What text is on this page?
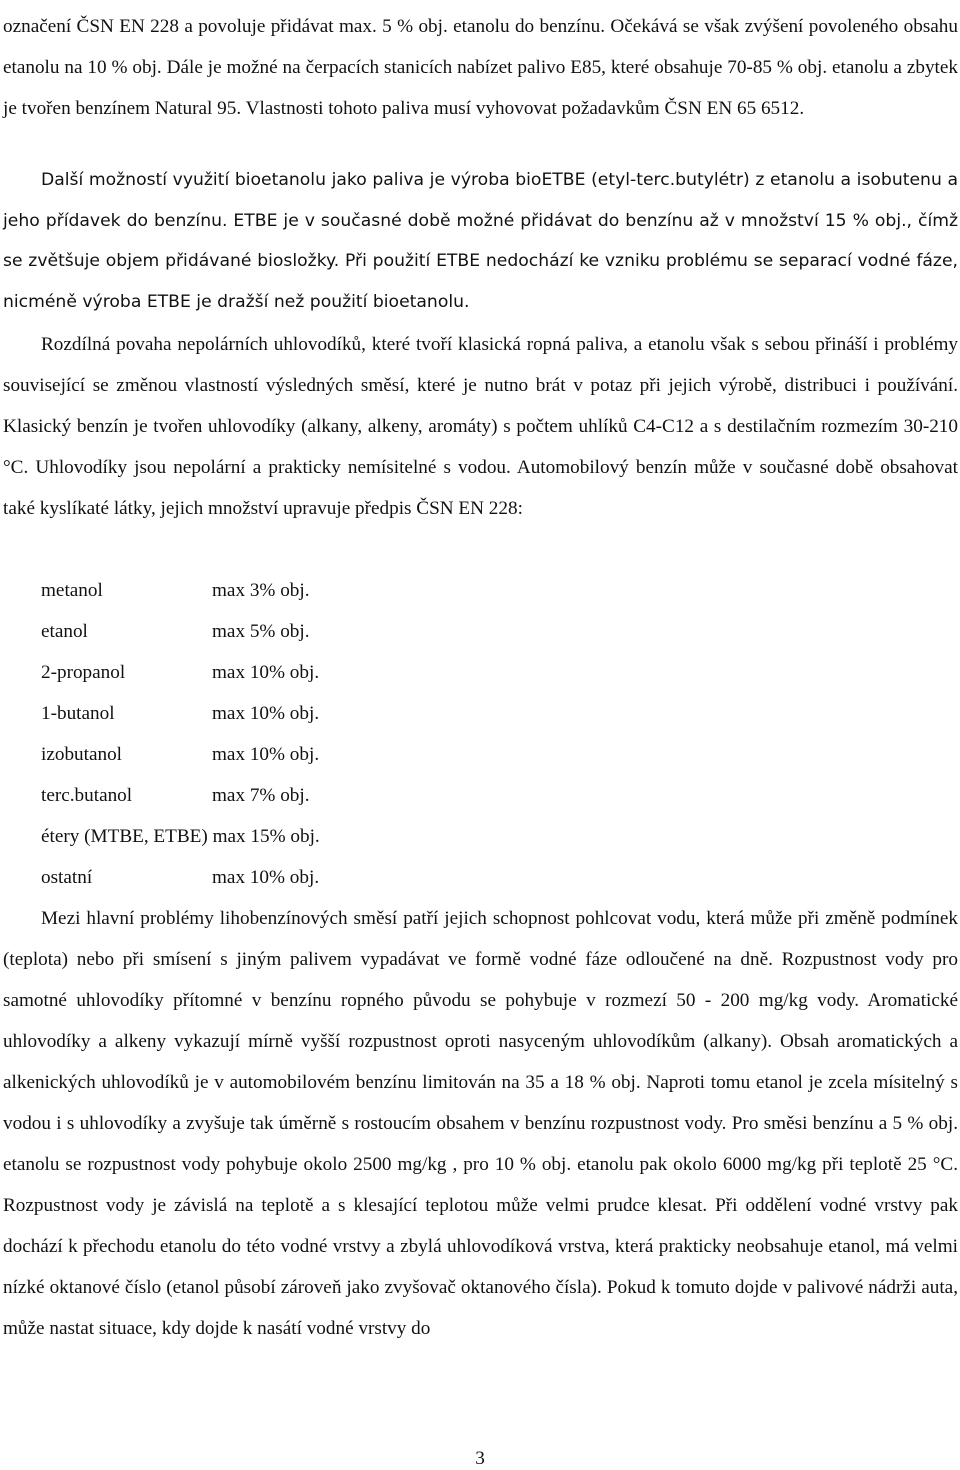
označení ČSN EN 228 a povoluje přidávat max. 5 % obj. etanolu do benzínu. Očekává se však zvýšení povoleného obsahu etanolu na 10 % obj. Dále je možné na čerpacích stanicích nabízet palivo E85, které obsahuje 70-85 % obj. etanolu a zbytek je tvořen benzínem Natural 95. Vlastnosti tohoto paliva musí vyhovovat požadavkům ČSN EN 65 6512.

Další možností využití bioetanolu jako paliva je výroba bioETBE (etyl-terc.butylétr) z etanolu a isobutenu a jeho přídavek do benzínu. ETBE je v současné době možné přidávat do benzínu až v množství 15 % obj., čímž se zvětšuje objem přidávané biosložky. Při použití ETBE nedochází ke vzniku problému se separací vodné fáze, nicméně výroba ETBE je dražší než použití bioetanolu.

Rozdílná povaha nepolárních uhlovodíků, které tvoří klasická ropná paliva, a etanolu však s sebou přináší i problémy související se změnou vlastností výsledných směsí, které je nutno brát v potaz při jejich výrobě, distribuci i používání. Klasický benzín je tvořen uhlovodíky (alkany, alkeny, aromáty) s počtem uhlíků C4-C12 a s destilačním rozmezím 30-210 °C. Uhlovodíky jsou nepolární a prakticky nemísitelné s vodou. Automobilový benzín může v současné době obsahovat také kyslíkaté látky, jejich množství upravuje předpis ČSN EN 228:

metanol	max 3% obj.
etanol	max 5% obj.
2-propanol	max 10% obj.
1-butanol	max 10% obj.
izobutanol	max 10% obj.
terc.butanol	max 7% obj.
étery (MTBE, ETBE) max 15% obj.
ostatní	max 10% obj.

Mezi hlavní problémy lihobenzínových směsí patří jejich schopnost pohlcovat vodu, která může při změně podmínek (teplota) nebo při smísení s jiným palivem vypadávat ve formě vodné fáze odloučené na dně. Rozpustnost vody pro samotné uhlovodíky přítomné v benzínu ropného původu se pohybuje v rozmezí 50 - 200 mg/kg vody. Aromatické uhlovodíky a alkeny vykazují mírně vyšší rozpustnost oproti nasyceným uhlovodíkům (alkany). Obsah aromatických a alkenických uhlovodíků je v automobilovém benzínu limitován na 35 a 18 % obj. Naproti tomu etanol je zcela mísitelný s vodou i s uhlovodíky a zvyšuje tak úměrně s rostoucím obsahem v benzínu rozpustnost vody. Pro směsi benzínu a 5 % obj. etanolu se rozpustnost vody pohybuje okolo 2500 mg/kg , pro 10 % obj. etanolu pak okolo 6000 mg/kg při teplotě 25 °C. Rozpustnost vody je závislá na teplotě a s klesající teplotou může velmi prudce klesat. Při oddělení vodné vrstvy pak dochází k přechodu etanolu do této vodné vrstvy a zbylá uhlovodíková vrstva, která prakticky neobsahuje etanol, má velmi nízké oktanové číslo (etanol působí zároveň jako zvyšovač oktanového čísla). Pokud k tomuto dojde v palivové nádrži auta, může nastat situace, kdy dojde k nasátí vodné vrstvy do

3
